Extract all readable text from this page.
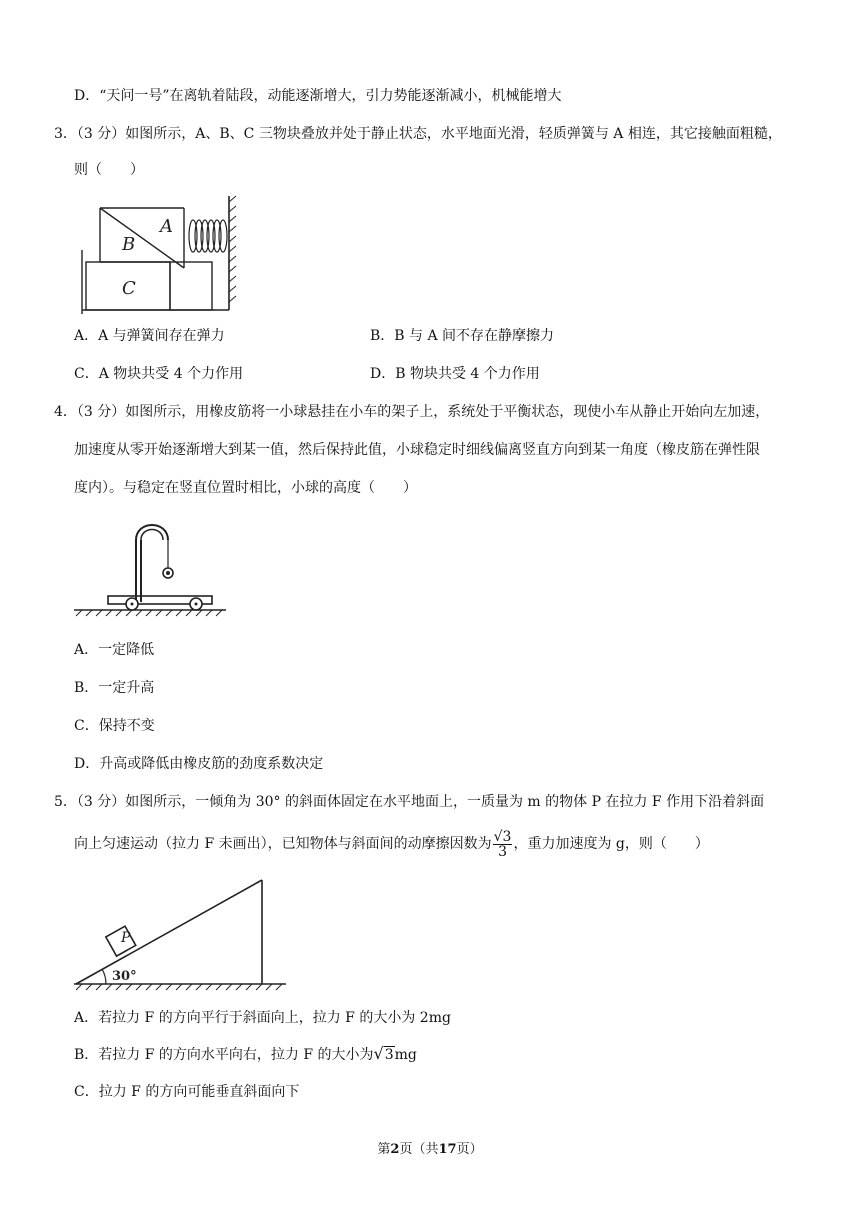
D．“天问一号”在离轨着陆段，动能逐渐增大，引力势能逐渐减小，机械能增大
3．（3 分）如图所示，A、B、C 三物块叠放并处于静止状态，水平地面光滑，轻质弹簧与 A 相连，其它接触面粗糙，
则（　　）
B
A
C
A．A 与弹簧间存在弹力	B．B 与 A 间不存在静摩擦力
C．A 物块共受 4 个力作用	D．B 物块共受 4 个力作用
4．（3 分）如图所示，用橡皮筋将一小球悬挂在小车的架子上，系统处于平衡状态，现使小车从静止开始向左加速，
加速度从零开始逐渐增大到某一值，然后保持此值，小球稳定时细线偏离竖直方向到某一角度（橡皮筋在弹性限
度内）。与稳定在竖直位置时相比，小球的高度（　　）
A．一定降低
B．一定升高
C．保持不变
D．升高或降低由橡皮筋的劲度系数决定
5．（3 分）如图所示，一倾角为 30° 的斜面体固定在水平地面上，一质量为 m 的物体 P 在拉力 F 作用下沿着斜面
向上匀速运动（拉力 F 未画出），已知物体与斜面间的动摩擦因数为 $\frac{√3}{3}$ ，重力加速度为 g，则（　　）
P
30°
A．若拉力 F 的方向平行于斜面向上，拉力 F 的大小为 2mg
B．若拉力 F 的方向水平向右，拉力 F 的大小为√3mg
C．拉力 F 的方向可能垂直斜面向下
第2页（共17页）
